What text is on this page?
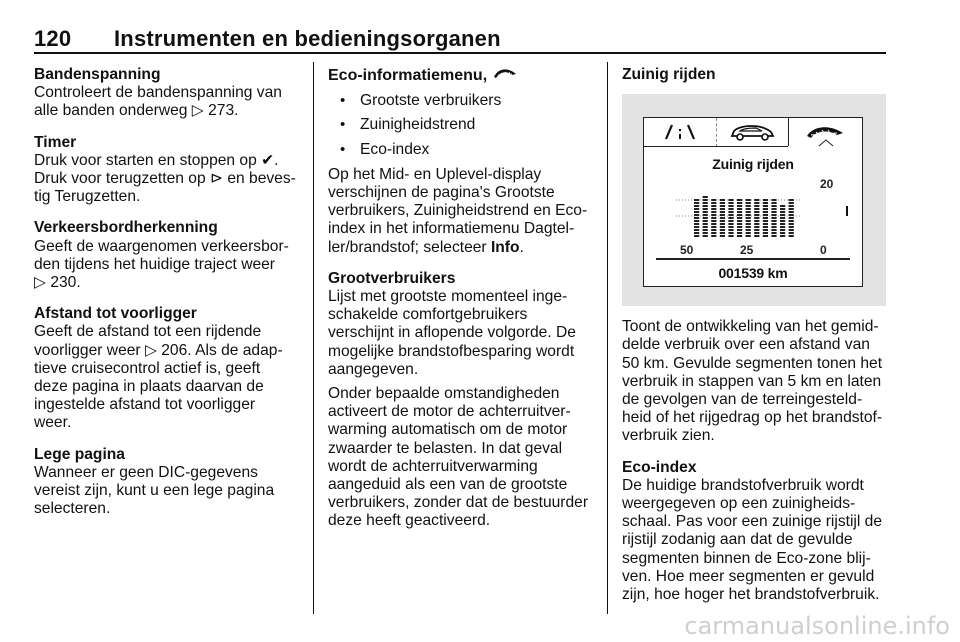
120 Instrumenten en bedieningsorganen
Bandenspanning
Controleert de bandenspanning van
alle banden onderweg ▷ 273.
Timer
Druk voor starten en stoppen op ✔.
Druk voor terugzetten op ⊳ en beves-
tig Terugzetten.
Verkeersbordherkenning
Geeft de waargenomen verkeersbor-
den tijdens het huidige traject weer
▷ 230.
Afstand tot voorligger
Geeft de afstand tot een rijdende
voorligger weer ▷ 206. Als de adap-
tieve cruisecontrol actief is, geeft
deze pagina in plaats daarvan de
ingestelde afstand tot voorligger
weer.
Lege pagina
Wanneer er geen DIC-gegevens
vereist zijn, kunt u een lege pagina
selecteren.
Eco-informatiemenu,
• Grootste verbruikers
• Zuinigheidstrend
• Eco-index
Op het Mid- en Uplevel-display
verschijnen de pagina's Grootste
verbruikers, Zuinigheidstrend en Eco-
index in het informatiemenu Dagtel-
ler/brandstof; selecteer Info.
Grootverbruikers
Lijst met grootste momenteel inge-
schakelde comfortgebruikers
verschijnt in aflopende volgorde. De
mogelijke brandstofbesparing wordt
aangegeven.
Onder bepaalde omstandigheden
activeert de motor de achterruitver-
warming automatisch om de motor
zwaarder te belasten. In dat geval
wordt de achterruitverwarming
aangeduid als een van de grootste
verbruikers, zonder dat de bestuurder
deze heeft geactiveerd.
Zuinig rijden
Zuinig rijden
20
50	25	0
001539 km
Toont de ontwikkeling van het gemid-
delde verbruik over een afstand van
50 km. Gevulde segmenten tonen het
verbruik in stappen van 5 km en laten
de gevolgen van de terreingesteld-
heid of het rijgedrag op het brandstof-
verbruik zien.
Eco-index
De huidige brandstofverbruik wordt
weergegeven op een zuinigheids-
schaal. Pas voor een zuinige rijstijl de
rijstijl zodanig aan dat de gevulde
segmenten binnen de Eco-zone blij-
ven. Hoe meer segmenten er gevuld
zijn, hoe hoger het brandstofverbruik.
carmanualsonline.info
